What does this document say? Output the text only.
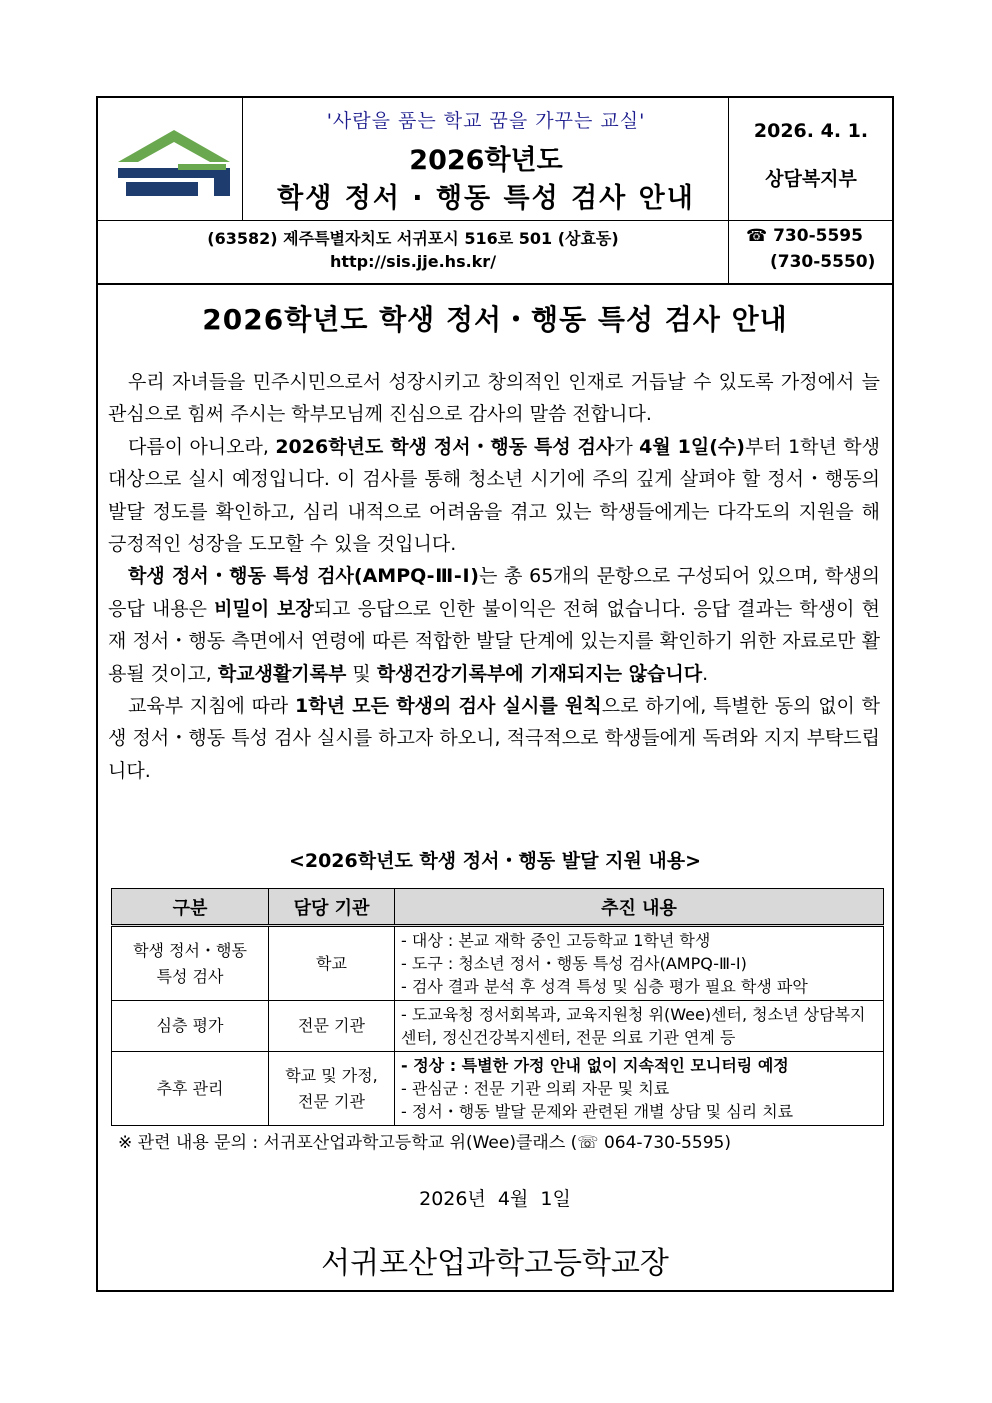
'사람을 품는 학교 꿈을 가꾸는 교실'
2026학년도
학생 정서 · 행동 특성 검사 안내
2026. 4. 1.
상담복지부
(63582) 제주특별자치도 서귀포시 516로 501 (상효동)
http://sis.jje.hs.kr/
☎ 730-5595
(730-5550)
2026학년도 학생 정서・행동 특성 검사 안내

우리 자녀들을 민주시민으로서 성장시키고 창의적인 인재로 거듭날 수 있도록 가정에서 늘 관심으로 힘써 주시는 학부모님께 진심으로 감사의 말씀 전합니다.

다름이 아니오라, 2026학년도 학생 정서・행동 특성 검사가 4월 1일(수)부터 1학년 학생 대상으로 실시 예정입니다. 이 검사를 통해 청소년 시기에 주의 깊게 살펴야 할 정서・행동의 발달 정도를 확인하고, 심리 내적으로 어려움을 겪고 있는 학생들에게는 다각도의 지원을 해 긍정적인 성장을 도모할 수 있을 것입니다.

학생 정서・행동 특성 검사(AMPQ-Ⅲ-Ⅰ)는 총 65개의 문항으로 구성되어 있으며, 학생의 응답 내용은 비밀이 보장되고 응답으로 인한 불이익은 전혀 없습니다. 응답 결과는 학생이 현재 정서・행동 측면에서 연령에 따른 적합한 발달 단계에 있는지를 확인하기 위한 자료로만 활용될 것이고, 학교생활기록부 및 학생건강기록부에 기재되지는 않습니다.

교육부 지침에 따라 1학년 모든 학생의 검사 실시를 원칙으로 하기에, 특별한 동의 없이 학생 정서・행동 특성 검사 실시를 하고자 하오니, 적극적으로 학생들에게 독려와 지지 부탁드립니다.

<2026학년도 학생 정서・행동 발달 지원 내용>
구분	담당 기관	추진 내용
학생 정서・행동 특성 검사	학교	- 대상 : 본교 재학 중인 고등학교 1학년 학생
- 도구 : 청소년 정서・행동 특성 검사(AMPQ-Ⅲ-Ⅰ)
- 검사 결과 분석 후 성격 특성 및 심층 평가 필요 학생 파악

심층 평가	전문 기관	- 도교육청 정서회복과, 교육지원청 위(Wee)센터, 청소년 상담복지센터, 정신건강복지센터, 전문 의료 기관 연계 등

추후 관리	학교 및 가정, 전문 기관	- 정상 : 특별한 가정 안내 없이 지속적인 모니터링 예정
- 관심군 : 전문 기관 의뢰 자문 및 치료
- 정서・행동 발달 문제와 관련된 개별 상담 및 심리 치료
※ 관련 내용 문의 : 서귀포산업과학고등학교 위(Wee)클래스 (☏ 064-730-5595)
2026년  4월  1일
서귀포산업과학고등학교장
